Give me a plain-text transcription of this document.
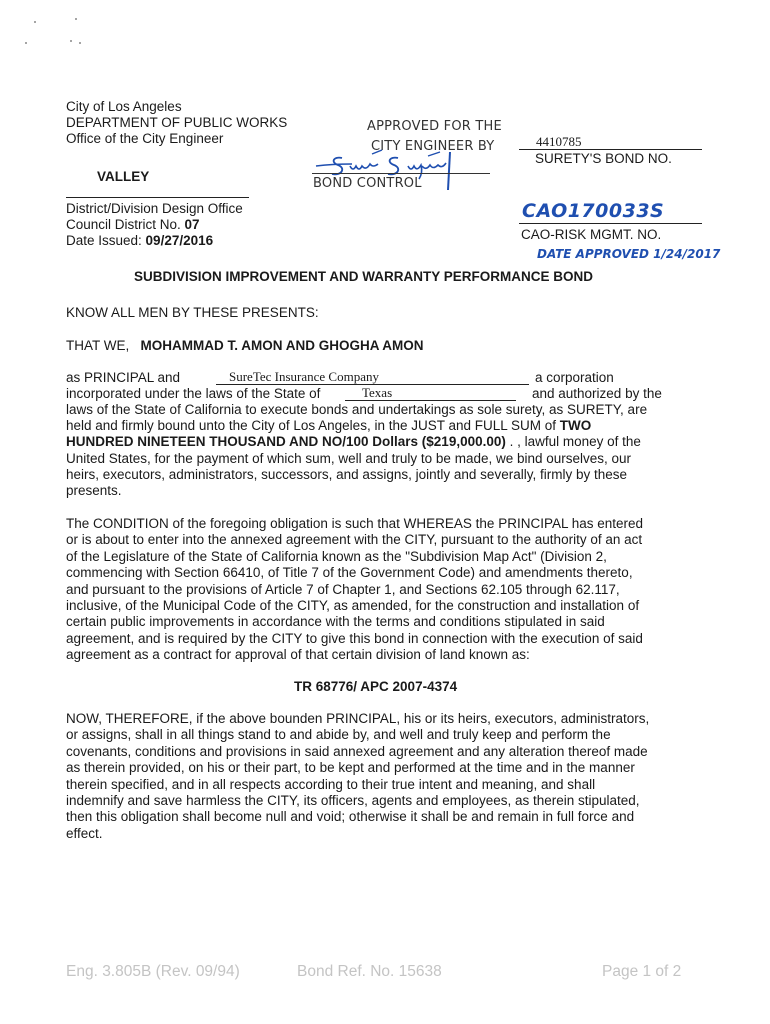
City of Los Angeles
DEPARTMENT OF PUBLIC WORKS
Office of the City Engineer
VALLEY
District/Division Design Office
Council District No. 07
Date Issued: 09/27/2016
APPROVED FOR THE
CITY ENGINEER BY
BOND CONTROL
4410785
SURETY'S BOND NO.
CAO170033S
CAO-RISK MGMT. NO.
DATE APPROVED 1/24/2017
SUBDIVISION IMPROVEMENT AND WARRANTY PERFORMANCE BOND
KNOW ALL MEN BY THESE PRESENTS:
THAT WE, MOHAMMAD T. AMON AND GHOGHA AMON
as PRINCIPAL and	SureTec Insurance Company	a corporation
incorporated under the laws of the State of	Texas	and authorized by the
laws of the State of California to execute bonds and undertakings as sole surety, as SURETY, are
held and firmly bound unto the City of Los Angeles, in the JUST and FULL SUM of TWO
HUNDRED NINETEEN THOUSAND AND NO/100 Dollars ($219,000.00) . , lawful money of the
United States, for the payment of which sum, well and truly to be made, we bind ourselves, our
heirs, executors, administrators, successors, and assigns, jointly and severally, firmly by these
presents.
The CONDITION of the foregoing obligation is such that WHEREAS the PRINCIPAL has entered
or is about to enter into the annexed agreement with the CITY, pursuant to the authority of an act
of the Legislature of the State of California known as the "Subdivision Map Act" (Division 2,
commencing with Section 66410, of Title 7 of the Government Code) and amendments thereto,
and pursuant to the provisions of Article 7 of Chapter 1, and Sections 62.105 through 62.117,
inclusive, of the Municipal Code of the CITY, as amended, for the construction and installation of
certain public improvements in accordance with the terms and conditions stipulated in said
agreement, and is required by the CITY to give this bond in connection with the execution of said
agreement as a contract for approval of that certain division of land known as:
TR 68776/ APC 2007-4374
NOW, THEREFORE, if the above bounden PRINCIPAL, his or its heirs, executors, administrators,
or assigns, shall in all things stand to and abide by, and well and truly keep and perform the
covenants, conditions and provisions in said annexed agreement and any alteration thereof made
as therein provided, on his or their part, to be kept and performed at the time and in the manner
therein specified, and in all respects according to their true intent and meaning, and shall
indemnify and save harmless the CITY, its officers, agents and employees, as therein stipulated,
then this obligation shall become null and void; otherwise it shall be and remain in full force and
effect.
Eng. 3.805B (Rev. 09/94)	Bond Ref. No. 15638	Page 1 of 2
